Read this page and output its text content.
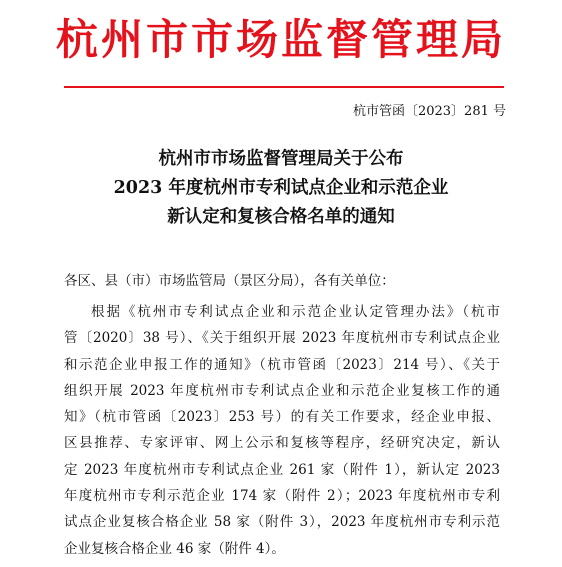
杭州市市场监督管理局
杭市管函〔2023〕281 号
杭州市市场监督管理局关于公布
2023 年度杭州市专利试点企业和示范企业
新认定和复核合格名单的通知
各区、县（市）市场监管局（景区分局），各有关单位：
根据《杭州市专利试点企业和示范企业认定管理办法》（杭市
管〔2020〕38 号）、《关于组织开展 2023 年度杭州市专利试点企业
和示范企业申报工作的通知》（杭市管函〔2023〕214 号）、《关于
组织开展 2023 年度杭州市专利试点企业和示范企业复核工作的通
知》（杭市管函〔2023〕253 号）的有关工作要求，经企业申报、
区县推荐、专家评审、网上公示和复核等程序，经研究决定，新认
定 2023 年度杭州市专利试点企业 261 家（附件 1），新认定 2023
年度杭州市专利示范企业 174 家（附件 2）；2023 年度杭州市专利
试点企业复核合格企业 58 家（附件 3），2023 年度杭州市专利示范
企业复核合格企业 46 家（附件 4）。
